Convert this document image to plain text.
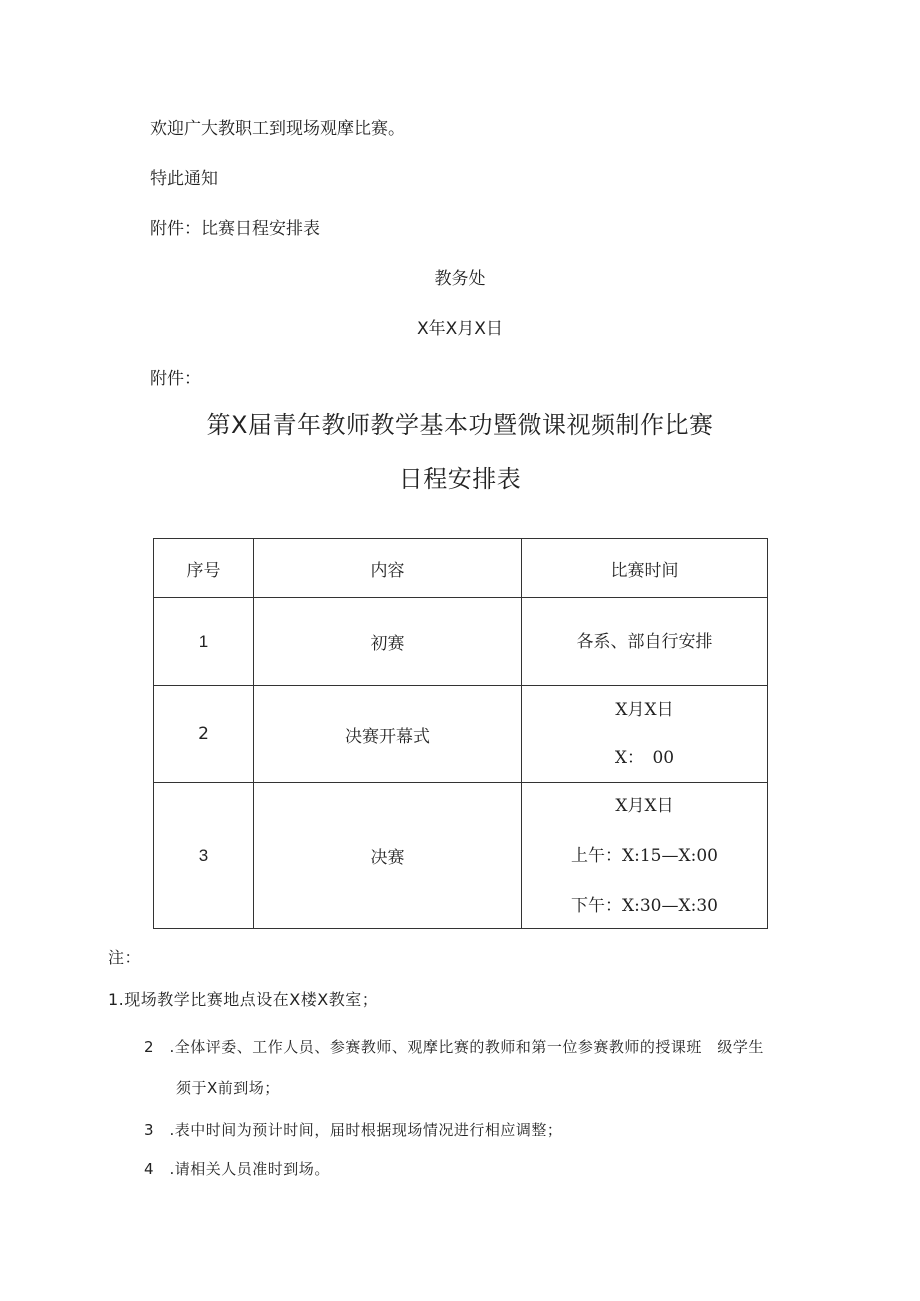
欢迎广大教职工到现场观摩比赛。
特此通知
附件：比赛日程安排表
教务处
X年X月X日
附件：
第X届青年教师教学基本功暨微课视频制作比赛
日程安排表
序号	内容	比赛时间
1	初赛	各系、部自行安排

2	决赛开幕式	X月X日
X：　00

3	决赛	X月X日
上午：X:15—X:00
下午：X:30—X:30
注：
1.现场教学比赛地点设在X楼X教室；
2　.全体评委、工作人员、参赛教师、观摩比赛的教师和第一位参赛教师的授课班　级学生
须于X前到场；
3　.表中时间为预计时间，届时根据现场情况进行相应调整；
4　.请相关人员准时到场。
